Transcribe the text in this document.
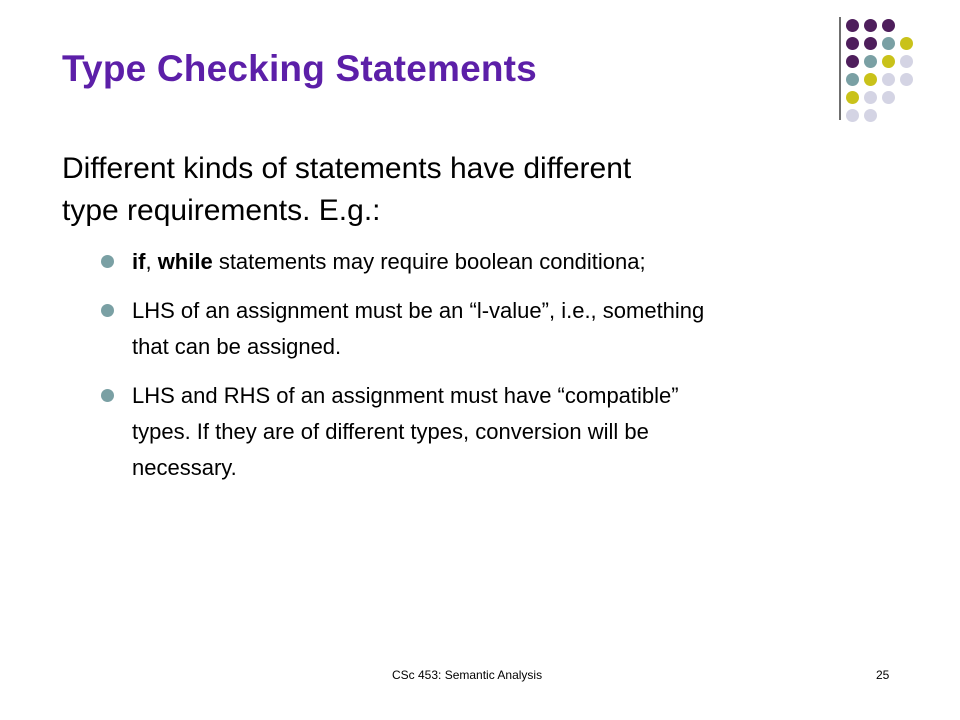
Type Checking Statements

Different kinds of statements have different
type requirements. E.g.:

if, while statements may require boolean conditiona;
LHS of an assignment must be an “l-value”, i.e., something
that can be assigned.
LHS and RHS of an assignment must have “compatible”
types. If they are of different types, conversion will be
necessary.
CSc 453: Semantic Analysis	25
